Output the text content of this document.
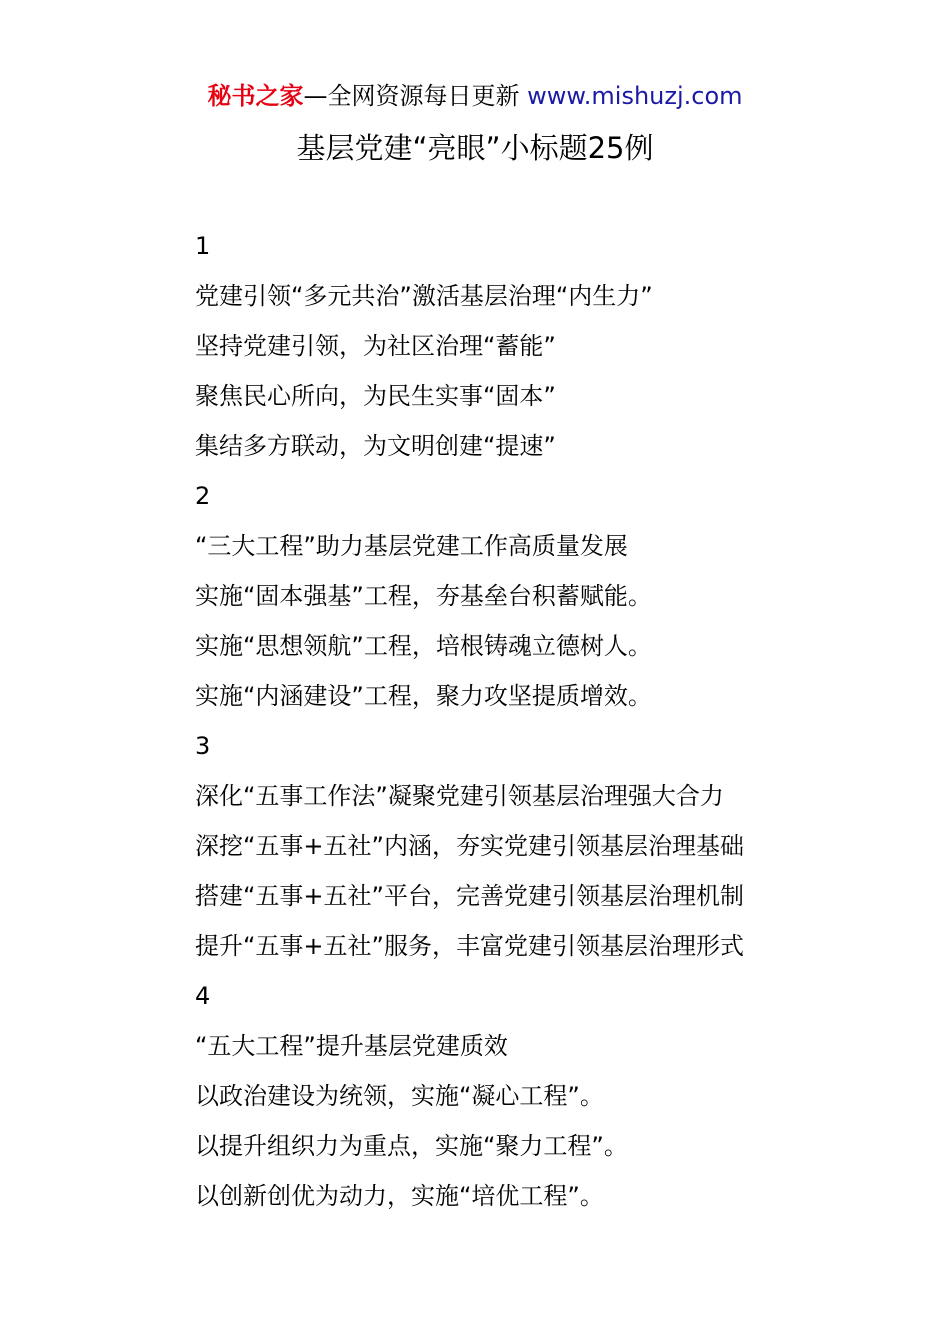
秘书之家—全网资源每日更新 www.mishuzj.com
基层党建“亮眼”小标题25例
1
党建引领“多元共治”激活基层治理“内生力”
坚持党建引领，为社区治理“蓄能”
聚焦民心所向，为民生实事“固本”
集结多方联动，为文明创建“提速”
2
“三大工程”助力基层党建工作高质量发展
实施“固本强基”工程，夯基垒台积蓄赋能。
实施“思想领航”工程，培根铸魂立德树人。
实施“内涵建设”工程，聚力攻坚提质增效。
3
深化“五事工作法”凝聚党建引领基层治理强大合力
深挖“五事+五社”内涵，夯实党建引领基层治理基础
搭建“五事+五社”平台，完善党建引领基层治理机制
提升“五事+五社”服务，丰富党建引领基层治理形式
4
“五大工程”提升基层党建质效
以政治建设为统领，实施“凝心工程”。
以提升组织力为重点，实施“聚力工程”。
以创新创优为动力，实施“培优工程”。
